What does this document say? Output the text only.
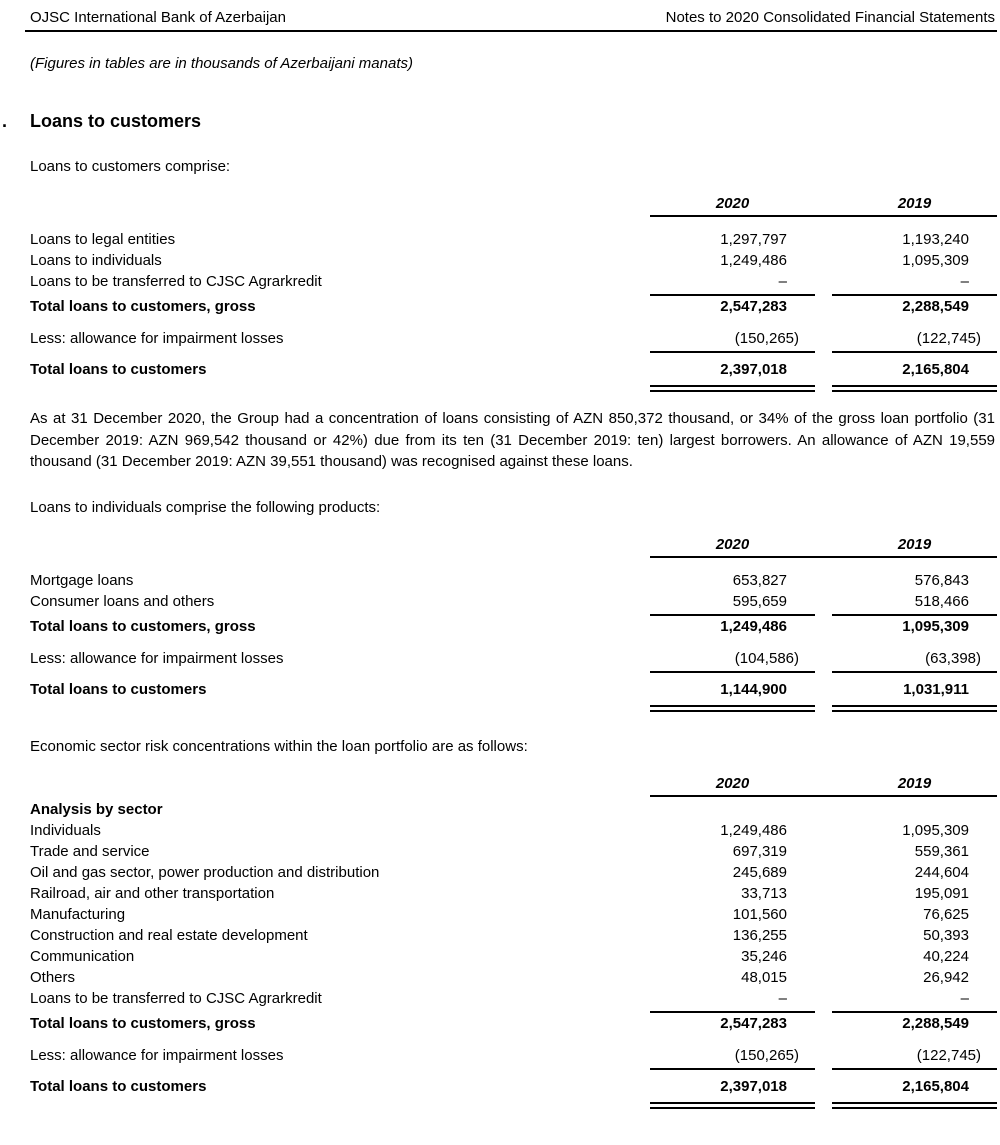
OJSC International Bank of Azerbaijan	Notes to 2020 Consolidated Financial Statements
(Figures in tables are in thousands of Azerbaijani manats)
. Loans to customers

Loans to customers comprise:

2020	2019
Loans to legal entities	1,297,797	1,193,240
Loans to individuals	1,249,486	1,095,309
Loans to be transferred to CJSC Agrarkredit	–	–
Total loans to customers, gross	2,547,283	2,288,549
Less: allowance for impairment losses	(150,265)	(122,745)
Total loans to customers	2,397,018	2,165,804

As at 31 December 2020, the Group had a concentration of loans consisting of AZN 850,372 thousand, or 34% of the gross loan portfolio (31 December 2019: AZN 969,542 thousand or 42%) due from its ten (31 December 2019: ten) largest borrowers. An allowance of AZN 19,559 thousand (31 December 2019: AZN 39,551 thousand) was recognised against these loans.

Loans to individuals comprise the following products:

2020	2019
Mortgage loans	653,827	576,843
Consumer loans and others	595,659	518,466
Total loans to customers, gross	1,249,486	1,095,309
Less: allowance for impairment losses	(104,586)	(63,398)
Total loans to customers	1,144,900	1,031,911

Economic sector risk concentrations within the loan portfolio are as follows:

2020	2019
Analysis by sector
Individuals	1,249,486	1,095,309
Trade and service	697,319	559,361
Oil and gas sector, power production and distribution	245,689	244,604
Railroad, air and other transportation	33,713	195,091
Manufacturing	101,560	76,625
Construction and real estate development	136,255	50,393
Communication	35,246	40,224
Others	48,015	26,942
Loans to be transferred to CJSC Agrarkredit	–	–
Total loans to customers, gross	2,547,283	2,288,549
Less: allowance for impairment losses	(150,265)	(122,745)
Total loans to customers	2,397,018	2,165,804
